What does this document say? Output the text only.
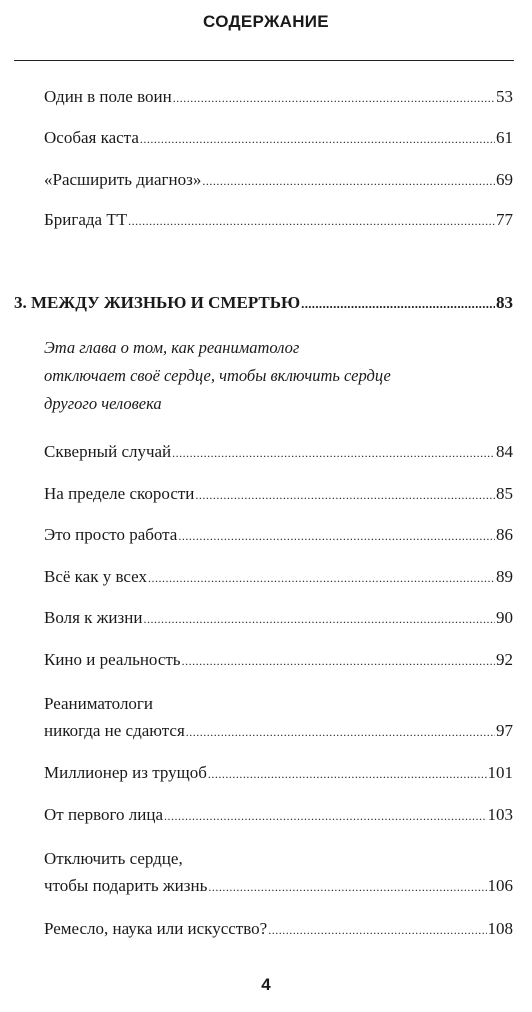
СОДЕРЖАНИЕ
Один в поле воин .....	53
Особая каста .....	61
«Расширить диагноз» .....	69
Бригада ТТ .....	77
3. МЕЖДУ ЖИЗНЬЮ И СМЕРТЬЮ .....	83
Эта глава о том, как реаниматолог
отключает своё сердце, чтобы включить сердце
другого человека
Скверный случай .....	84
На пределе скорости .....	85
Это просто работа .....	86
Всё как у всех .....	89
Воля к жизни .....	90
Кино и реальность .....	92
Реаниматологи
никогда не сдаются .....	97
Миллионер из трущоб .....	101
От первого лица .....	103
Отключить сердце,
чтобы подарить жизнь .....	106
Ремесло, наука или искусство? .....	108
4
